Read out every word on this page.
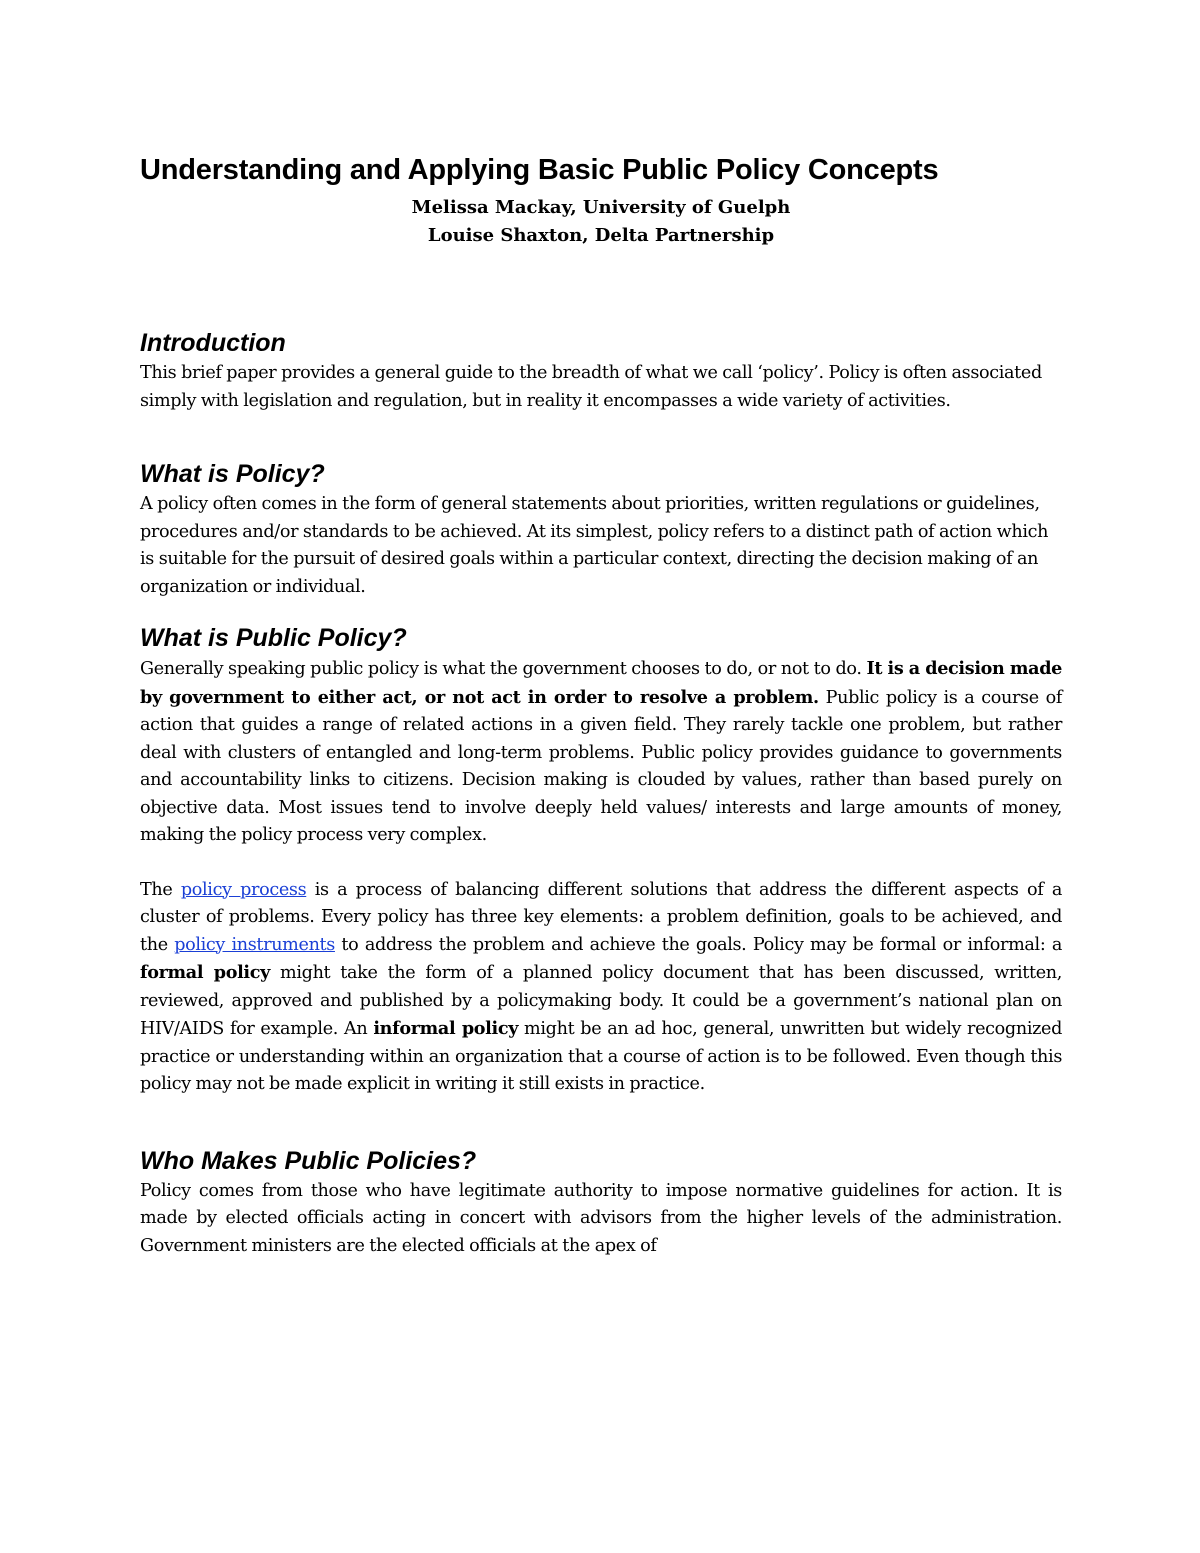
Understanding and Applying Basic Public Policy Concepts
Melissa Mackay, University of Guelph
Louise Shaxton, Delta Partnership
Introduction

This brief paper provides a general guide to the breadth of what we call ‘policy’. Policy is often associated simply with legislation and regulation, but in reality it encompasses a wide variety of activities.

What is Policy?

A policy often comes in the form of general statements about priorities, written regulations or guidelines, procedures and/or standards to be achieved. At its simplest, policy refers to a distinct path of action which is suitable for the pursuit of desired goals within a particular context, directing the decision making of an organization or individual.

What is Public Policy?

Generally speaking public policy is what the government chooses to do, or not to do. It is a decision made by government to either act, or not act in order to resolve a problem. Public policy is a course of action that guides a range of related actions in a given field. They rarely tackle one problem, but rather deal with clusters of entangled and long-term problems. Public policy provides guidance to governments and accountability links to citizens. Decision making is clouded by values, rather than based purely on objective data. Most issues tend to involve deeply held values/ interests and large amounts of money, making the policy process very complex.

The policy process is a process of balancing different solutions that address the different aspects of a cluster of problems. Every policy has three key elements: a problem definition, goals to be achieved, and the policy instruments to address the problem and achieve the goals. Policy may be formal or informal: a formal policy might take the form of a planned policy document that has been discussed, written, reviewed, approved and published by a policymaking body. It could be a government’s national plan on HIV/AIDS for example. An informal policy might be an ad hoc, general, unwritten but widely recognized practice or understanding within an organization that a course of action is to be followed. Even though this policy may not be made explicit in writing it still exists in practice.

Who Makes Public Policies?

Policy comes from those who have legitimate authority to impose normative guidelines for action. It is made by elected officials acting in concert with advisors from the higher levels of the administration. Government ministers are the elected officials at the apex of
